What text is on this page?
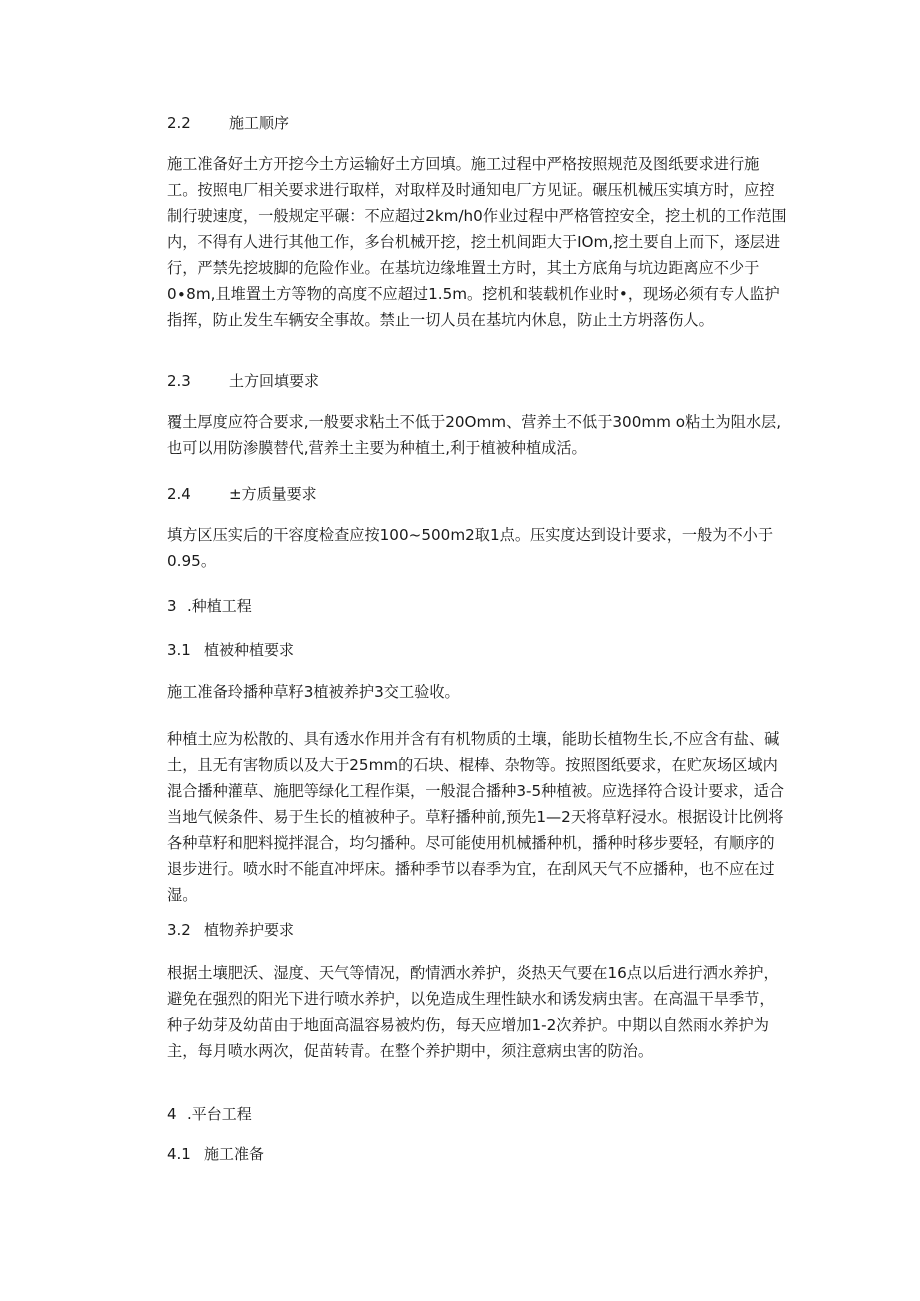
2.2	施工顺序
施工准备好土方开挖今土方运输好土方回填。施工过程中严格按照规范及图纸要求进行施工。按照电厂相关要求进行取样，对取样及时通知电厂方见证。碾压机械压实填方时，应控制行驶速度，一般规定平碾：不应超过2km∕h0作业过程中严格管控安全，挖土机的工作范围内，不得有人进行其他工作，多台机械开挖，挖土机间距大于IOm,挖土要自上而下，逐层进行，严禁先挖坡脚的危险作业。在基坑边缘堆置土方时，其土方底角与坑边距离应不少于0∙8m,且堆置土方等物的高度不应超过1.5m。挖机和装载机作业时•，现场必须有专人监护指挥，防止发生车辆安全事故。禁止一切人员在基坑内休息，防止土方坍落伤人。
2.3	土方回填要求
覆土厚度应符合要求,一般要求粘土不低于20Omm、营养土不低于300mm o粘土为阻水层,也可以用防渗膜替代,营养土主要为种植土,利于植被种植成活。
2.4	±方质量要求
填方区压实后的干容度检查应按100~500m2取1点。压实度达到设计要求，一般为不小于0.95。
3 .种植工程
3.1 植被种植要求
施工准备玲播种草籽3植被养护3交工验收。
种植土应为松散的、具有透水作用并含有有机物质的土壤，能助长植物生长,不应含有盐、碱土，且无有害物质以及大于25mm的石块、棍棒、杂物等。按照图纸要求，在贮灰场区域内混合播种灌草、施肥等绿化工程作渠，一般混合播种3-5种植被。应选择符合设计要求，适合当地气候条件、易于生长的植被种子。草籽播种前,预先1—2天将草籽浸水。根据设计比例将各种草籽和肥料搅拌混合，均匀播种。尽可能使用机械播种机，播种时移步要轻，有顺序的退步进行。喷水时不能直冲坪床。播种季节以春季为宜，在刮风天气不应播种，也不应在过湿。
3.2 植物养护要求
根据土壤肥沃、湿度、天气等情况，酌情洒水养护，炎热天气要在16点以后进行洒水养护，避免在强烈的阳光下进行喷水养护，以免造成生理性缺水和诱发病虫害。在高温干旱季节，种子幼芽及幼苗由于地面高温容易被灼伤，每天应增加1-2次养护。中期以自然雨水养护为主，每月喷水两次，促苗转青。在整个养护期中，须注意病虫害的防治。
4 .平台工程
4.1 施工准备
